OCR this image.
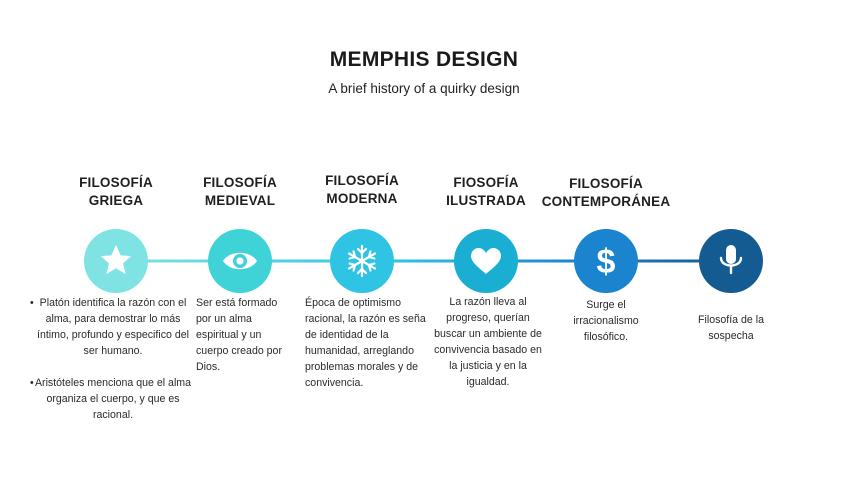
MEMPHIS DESIGN
A brief history of a quirky design
$
FILOSOFÍA
GRIEGA
FILOSOFÍA
MEDIEVAL
FILOSOFÍA
MODERNA
FIOSOFÍA
ILUSTRADA
FILOSOFÍA
CONTEMPORÁNEA
• Platón identifica la razón con el alma, para demostrar lo más íntimo, profundo y especifico del ser humano.
• Aristóteles menciona que el alma organiza el cuerpo, y que es racional.
Ser está formado por un alma espiritual y un cuerpo creado por Dios.
Época de optimismo racional, la razón es seña de identidad de la humanidad, arreglando problemas morales y de convivencia.
La razón lleva al progreso, querían buscar un ambiente de convivencia basado en la justicia y en la igualdad.
Surge el irracionalismo filosófico.
Filosofía de la sospecha
